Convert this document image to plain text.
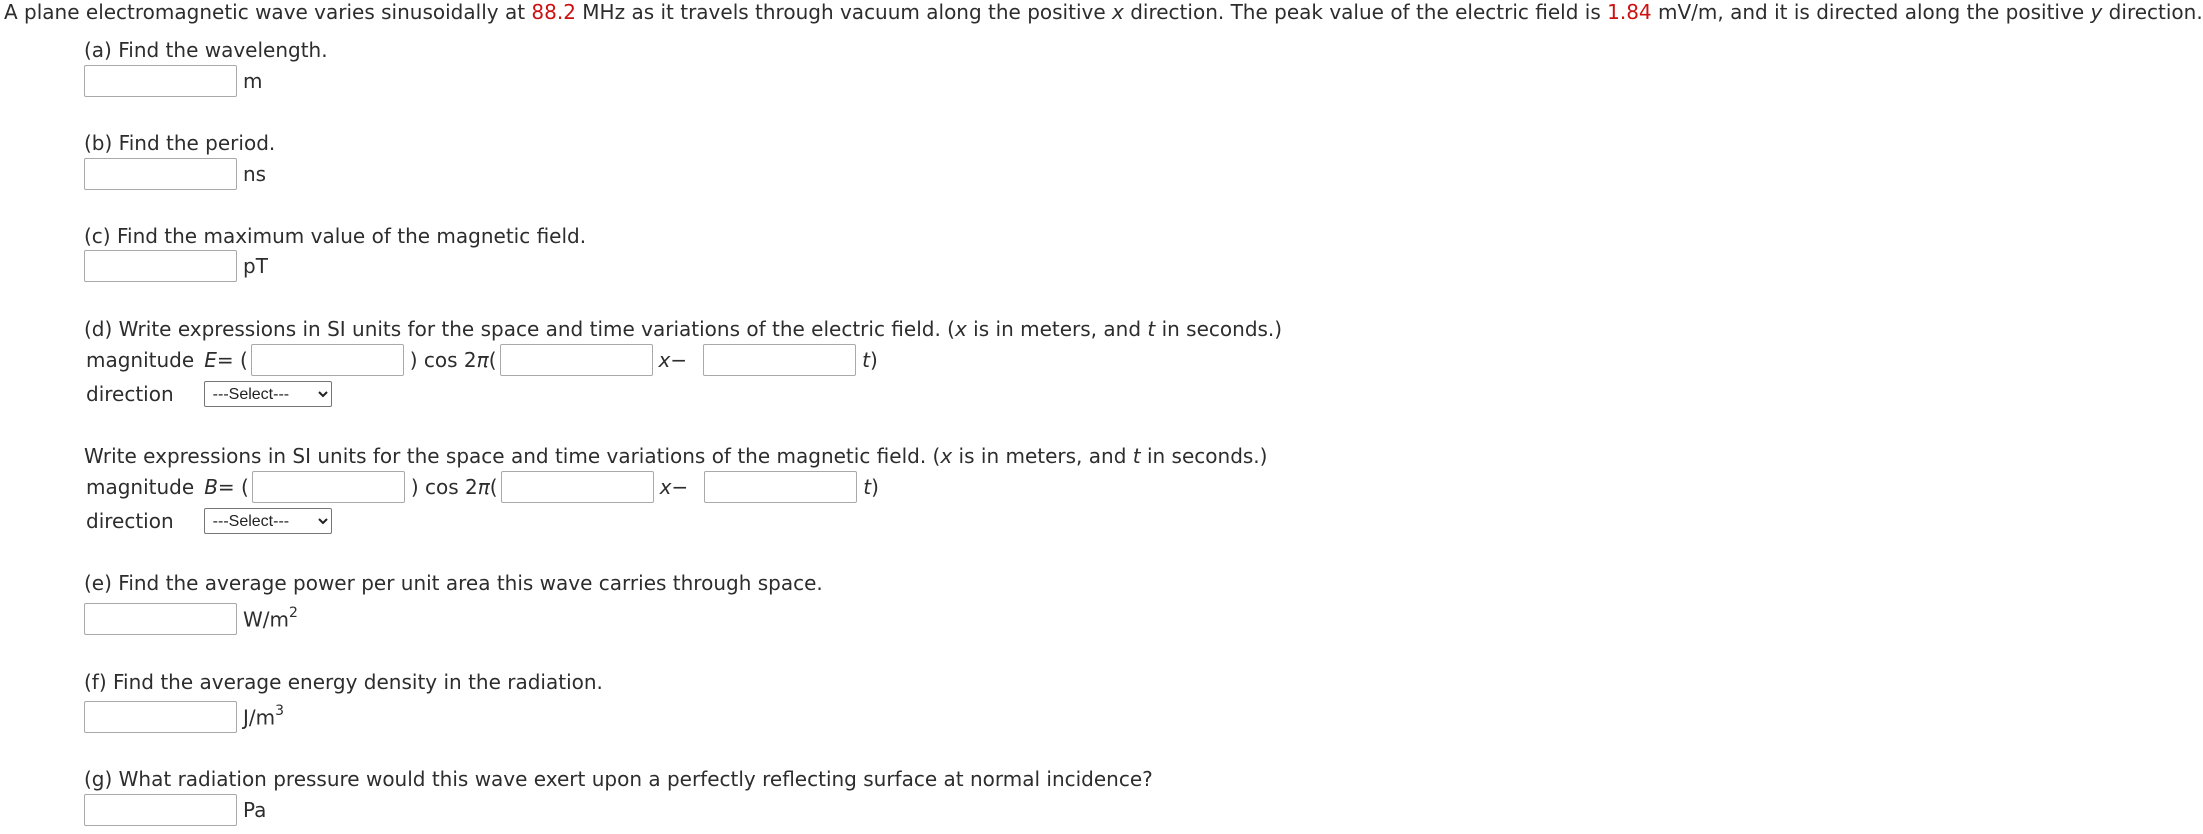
A plane electromagnetic wave varies sinusoidally at 88.2 MHz as it travels through vacuum along the positive x direction. The peak value of the electric field is 1.84 mV/m, and it is directed along the positive y direction.
(a) Find the wavelength.
m
(b) Find the period.
ns
(c) Find the maximum value of the magnetic field.
pT
(d) Write expressions in SI units for the space and time variations of the electric field. (x is in meters, and t in seconds.)
magnitude E = (	) cos 2π(	x −	t )
direction
---Select---
Write expressions in SI units for the space and time variations of the magnetic field. (x is in meters, and t in seconds.)
magnitude B = (	) cos 2π(	x −	t )
direction
---Select---
(e) Find the average power per unit area this wave carries through space.
$W/m^2$
(f) Find the average energy density in the radiation.
$J/m^3$
(g) What radiation pressure would this wave exert upon a perfectly reflecting surface at normal incidence?
Pa
